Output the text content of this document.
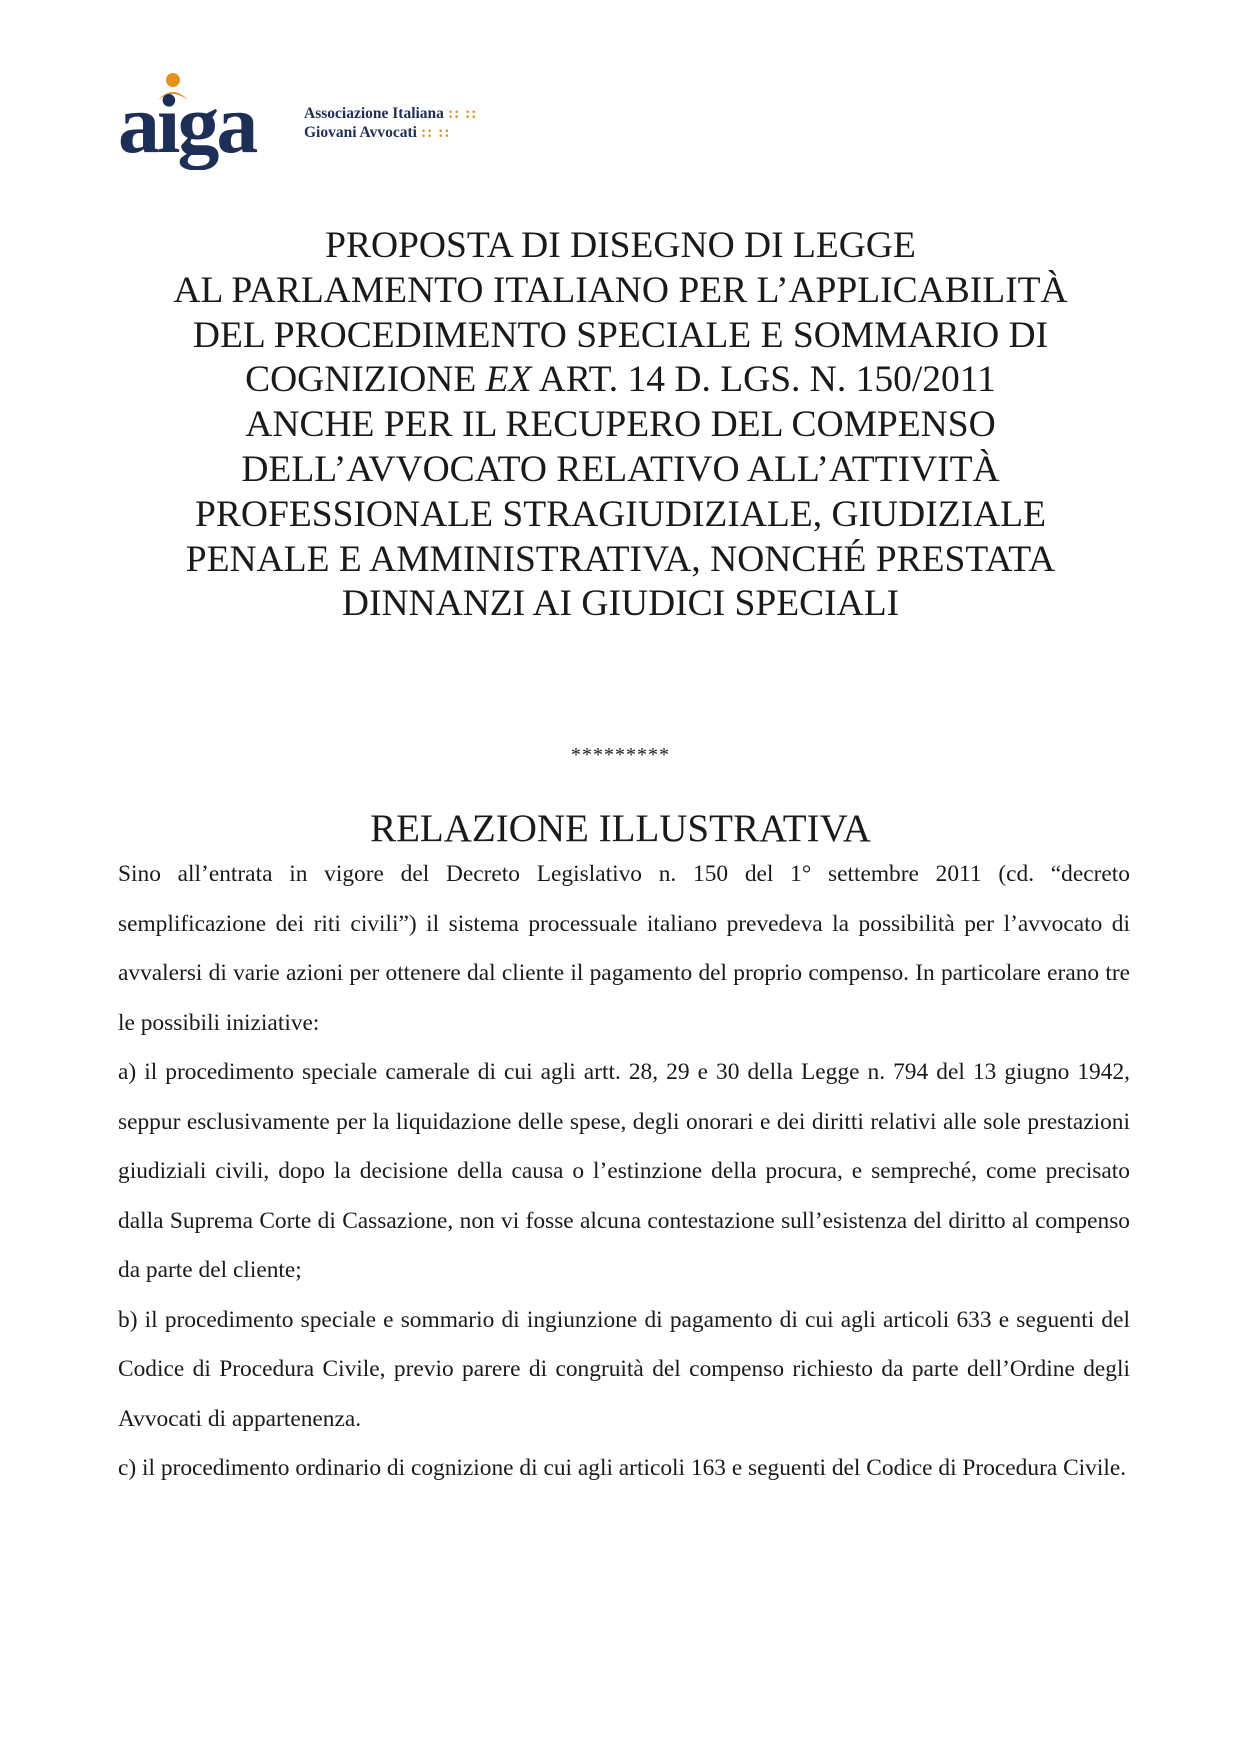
aiga	Associazione Italiana :: ::
Giovani Avvocati :: ::
PROPOSTA DI DISEGNO DI LEGGE
AL PARLAMENTO ITALIANO PER L’APPLICABILITÀ
DEL PROCEDIMENTO SPECIALE E SOMMARIO DI
COGNIZIONE EX ART. 14 D. LGS. N. 150/2011
ANCHE PER IL RECUPERO DEL COMPENSO
DELL’AVVOCATO RELATIVO ALL’ATTIVITÀ
PROFESSIONALE STRAGIUDIZIALE, GIUDIZIALE
PENALE E AMMINISTRATIVA, NONCHÉ PRESTATA
DINNANZI AI GIUDICI SPECIALI
*********
RELAZIONE ILLUSTRATIVA

Sino all’entrata in vigore del Decreto Legislativo n. 150 del 1° settembre 2011 (cd. “decreto semplificazione dei riti civili”) il sistema processuale italiano prevedeva la possibilità per l’avvocato di avvalersi di varie azioni per ottenere dal cliente il pagamento del proprio compenso. In particolare erano tre le possibili iniziative:

a) il procedimento speciale camerale di cui agli artt. 28, 29 e 30 della Legge n. 794 del 13 giugno 1942, seppur esclusivamente per la liquidazione delle spese, degli onorari e dei diritti relativi alle sole prestazioni giudiziali civili, dopo la decisione della causa o l’estinzione della procura, e sempreché, come precisato dalla Suprema Corte di Cassazione, non vi fosse alcuna contestazione sull’esistenza del diritto al compenso da parte del cliente;

b) il procedimento speciale e sommario di ingiunzione di pagamento di cui agli articoli 633 e seguenti del Codice di Procedura Civile, previo parere di congruità del compenso richiesto da parte dell’Ordine degli Avvocati di appartenenza.

c) il procedimento ordinario di cognizione di cui agli articoli 163 e seguenti del Codice di Procedura Civile.
